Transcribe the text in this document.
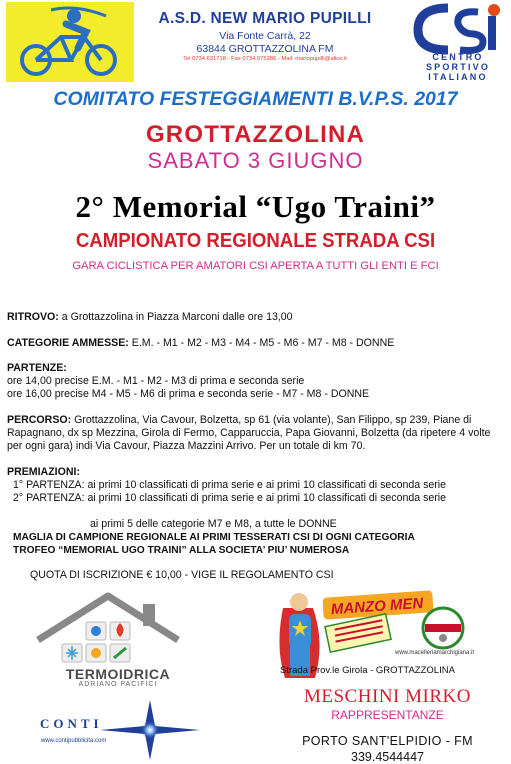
A.S.D. NEW MARIO PUPILLI
Via Fonte Carrà, 22
63844 GROTTAZZOLINA FM
Tel 0734.631718 - Fax 0734.075286 - Mail: mariopupilli@alice.it	CENTRO
SPORTIVO
ITALIANO
COMITATO FESTEGGIAMENTI B.V.P.S. 2017
GROTTAZZOLINA
SABATO 3 GIUGNO
2° Memorial “Ugo Traini”
CAMPIONATO REGIONALE STRADA CSI
GARA CICLISTICA PER AMATORI CSI APERTA A TUTTI GLI ENTI E FCI
RITROVO: a Grottazzolina in Piazza Marconi dalle ore 13,00
CATEGORIE AMMESSE: E.M. - M1 - M2 - M3 - M4 - M5 - M6 - M7 - M8 - DONNE
PARTENZE:
ore 14,00 precise E.M. - M1 - M2 - M3 di prima e seconda serie
ore 16,00 precise M4 - M5 - M6 di prima e seconda serie - M7 - M8 - DONNE
PERCORSO: Grottazzolina, Via Cavour, Bolzetta, sp 61 (via volante), San Filippo, sp 239, Piane di Rapagnano, dx sp Mezzina, Girola di Fermo, Capparuccia, Papa Giovanni, Bolzetta (da ripetere 4 volte per ogni gara) indi Via Cavour, Piazza Mazzini Arrivo. Per un totale di km 70.
PREMIAZIONI:
1° PARTENZA: ai primi 10 classificati di prima serie e ai primi 10 classificati di seconda serie
2° PARTENZA: ai primi 10 classificati di prima serie e ai primi 10 classificati di seconda serie
ai primi 5 delle categorie M7 e M8, a tutte le DONNE
MAGLIA DI CAMPIONE REGIONALE AI PRIMI TESSERATI CSI DI OGNI CATEGORIA
TROFEO “MEMORIAL UGO TRAINI” ALLA SOCIETA’ PIU’ NUMEROSA
QUOTA DI ISCRIZIONE € 10,00 - VIGE IL REGOLAMENTO CSI
TERMOIDRICA
ADRIANO PACIFICI
MANZO MEN
www.macelleriamarchigiana.it
Strada Prov.le Girola - GROTTAZZOLINA
MESCHINI MIRKO
RAPPRESENTANZE
PORTO SANT'ELPIDIO - FM
339.4544447
CONTI
www.contipubblicita.com
